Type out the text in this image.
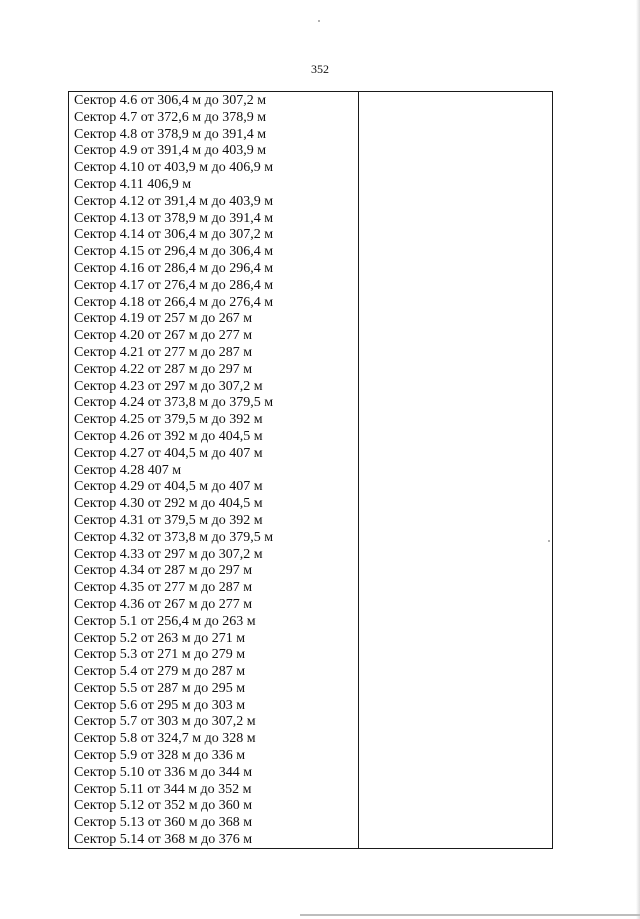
352
Сектор 4.6 от 306,4 м до 307,2 м
Сектор 4.7 от 372,6 м до 378,9 м
Сектор 4.8 от 378,9 м до 391,4 м
Сектор 4.9 от 391,4 м до 403,9 м
Сектор 4.10 от 403,9 м до 406,9 м
Сектор 4.11 406,9 м
Сектор 4.12 от 391,4 м до 403,9 м
Сектор 4.13 от 378,9 м до 391,4 м
Сектор 4.14 от 306,4 м до 307,2 м
Сектор 4.15 от 296,4 м до 306,4 м
Сектор 4.16 от 286,4 м до 296,4 м
Сектор 4.17 от 276,4 м до 286,4 м
Сектор 4.18 от 266,4 м до 276,4 м
Сектор 4.19 от 257 м до 267 м
Сектор 4.20 от 267 м до 277 м
Сектор 4.21 от 277 м до 287 м
Сектор 4.22 от 287 м до 297 м
Сектор 4.23 от 297 м до 307,2 м
Сектор 4.24 от 373,8 м до 379,5 м
Сектор 4.25 от 379,5 м до 392 м
Сектор 4.26 от 392 м до 404,5 м
Сектор 4.27 от 404,5 м до 407 м
Сектор 4.28 407 м
Сектор 4.29 от 404,5 м до 407 м
Сектор 4.30 от 292 м до 404,5 м
Сектор 4.31 от 379,5 м до 392 м
Сектор 4.32 от 373,8 м до 379,5 м
Сектор 4.33 от 297 м до 307,2 м
Сектор 4.34 от 287 м до 297 м
Сектор 4.35 от 277 м до 287 м
Сектор 4.36 от 267 м до 277 м
Сектор 5.1 от 256,4 м до 263 м
Сектор 5.2 от 263 м до 271 м
Сектор 5.3 от 271 м до 279 м
Сектор 5.4 от 279 м до 287 м
Сектор 5.5 от 287 м до 295 м
Сектор 5.6 от 295 м до 303 м
Сектор 5.7 от 303 м до 307,2 м
Сектор 5.8 от 324,7 м до 328 м
Сектор 5.9 от 328 м до 336 м
Сектор 5.10 от 336 м до 344 м
Сектор 5.11 от 344 м до 352 м
Сектор 5.12 от 352 м до 360 м
Сектор 5.13 от 360 м до 368 м
Сектор 5.14 от 368 м до 376 м
